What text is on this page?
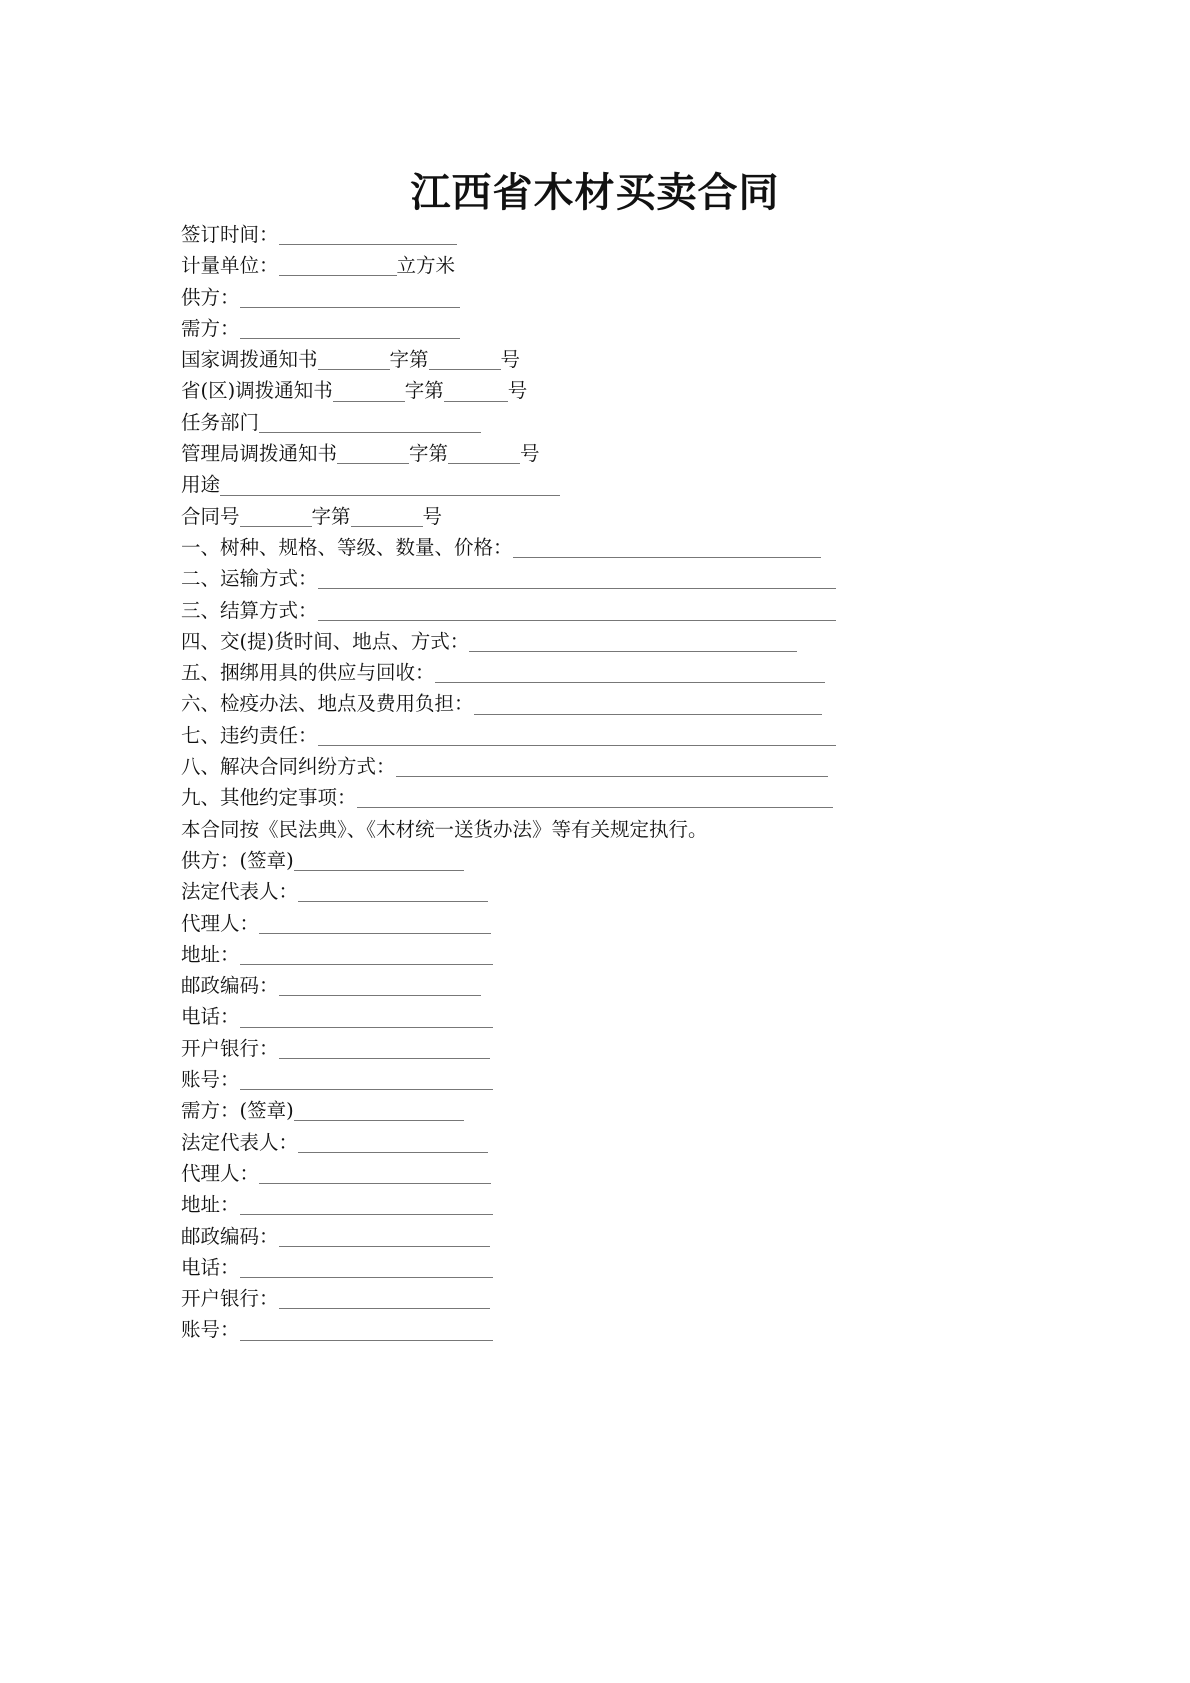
江西省木材买卖合同
签订时间：
计量单位：	立方米
供方：
需方：
国家调拨通知书	字第	号
省(区)调拨通知书	字第	号
任务部门
管理局调拨通知书	字第	号
用途
合同号	字第	号
一、树种、规格、等级、数量、价格：
二、运输方式：
三、结算方式：
四、交(提)货时间、地点、方式：
五、捆绑用具的供应与回收：
六、检疫办法、地点及费用负担：
七、违约责任：
八、解决合同纠纷方式：
九、其他约定事项：
本合同按《民法典》、《木材统一送货办法》等有关规定执行。
供方：(签章)
法定代表人：
代理人：
地址：
邮政编码：
电话：
开户银行：
账号：
需方：(签章)
法定代表人：
代理人：
地址：
邮政编码：
电话：
开户银行：
账号：
